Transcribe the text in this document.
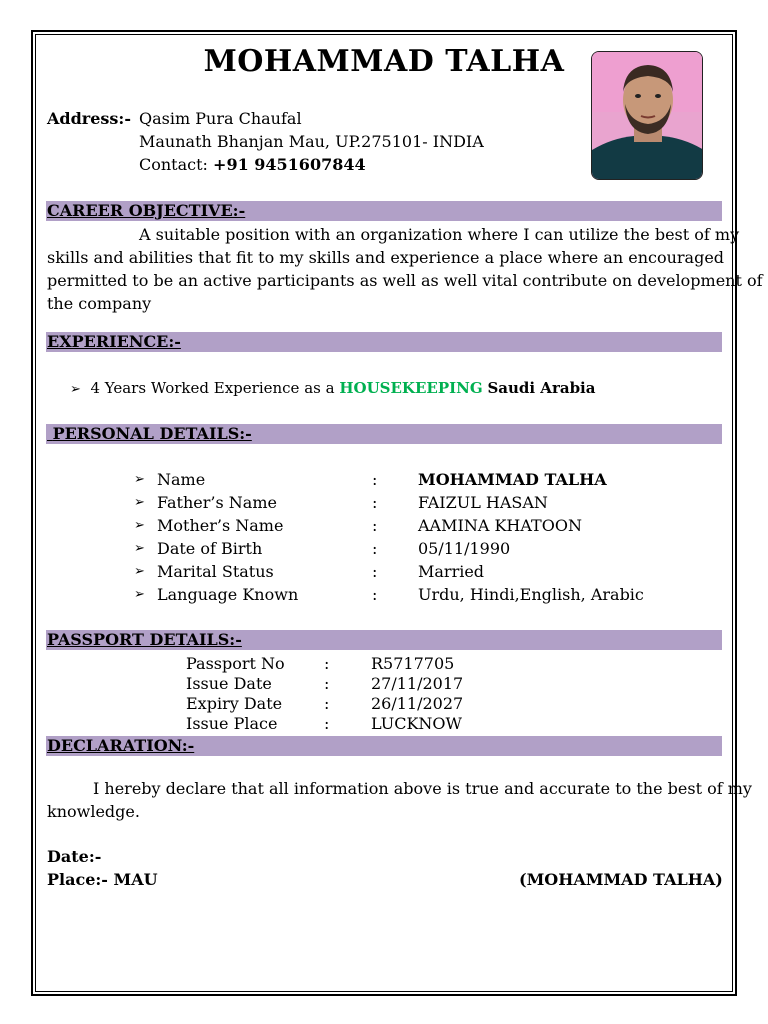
MOHAMMAD TALHA
Address:- Qasim Pura Chaufal
Maunath Bhanjan Mau, UP.275101- INDIA
Contact: +91 9451607844
CAREER OBJECTIVE:-
A suitable position with an organization where I can utilize the best of my
skills and abilities that fit to my skills and experience a place where an encouraged
permitted to be an active participants as well as well vital contribute on development of
the company
EXPERIENCE:-
➢ 4 Years Worked Experience as a HOUSEKEEPING Saudi Arabia
PERSONAL DETAILS:-
➢ Name	:	MOHAMMAD TALHA
➢ Father’s Name	:	FAIZUL HASAN
➢ Mother’s Name	:	AAMINA KHATOON
➢ Date of Birth	:	05/11/1990
➢ Marital Status	:	Married
➢ Language Known	:	Urdu, Hindi,English, Arabic
PASSPORT DETAILS:-
Passport No :	R5717705
Issue Date	:	27/11/2017
Expiry Date	:	26/11/2027
Issue Place	:	LUCKNOW
DECLARATION:-
I hereby declare that all information above is true and accurate to the best of my
knowledge.
Date:-
Place:- MAU	(MOHAMMAD TALHA)
